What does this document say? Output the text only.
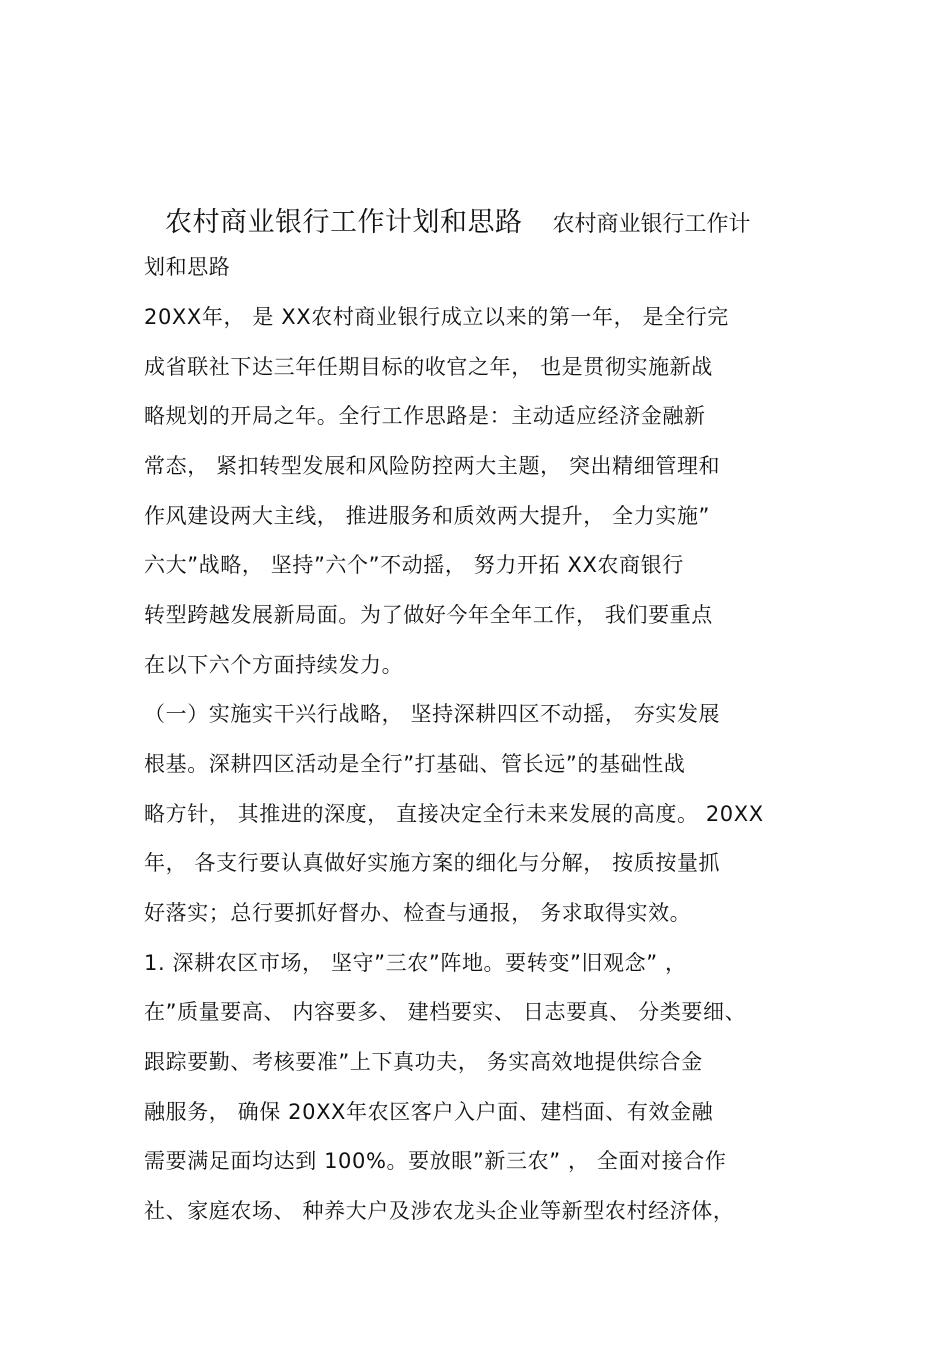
农村商业银行工作计划和思路 农村商业银行工作计
划和思路
20XX年， 是 XX农村商业银行成立以来的第一年， 是全行完
成省联社下达三年任期目标的收官之年， 也是贯彻实施新战
略规划的开局之年。全行工作思路是：主动适应经济金融新
常态， 紧扣转型发展和风险防控两大主题， 突出精细管理和
作风建设两大主线， 推进服务和质效两大提升， 全力实施”
六大”战略， 坚持”六个”不动摇， 努力开拓 XX农商银行
转型跨越发展新局面。为了做好今年全年工作， 我们要重点
在以下六个方面持续发力。
（一）实施实干兴行战略， 坚持深耕四区不动摇， 夯实发展
根基。深耕四区活动是全行”打基础、管长远”的基础性战
略方针， 其推进的深度， 直接决定全行未来发展的高度。 20XX
年， 各支行要认真做好实施方案的细化与分解， 按质按量抓
好落实；总行要抓好督办、检查与通报， 务求取得实效。
1. 深耕农区市场， 坚守”三农”阵地。要转变”旧观念” ，
在”质量要高、 内容要多、 建档要实、 日志要真、 分类要细、
跟踪要勤、考核要准”上下真功夫， 务实高效地提供综合金
融服务， 确保 20XX年农区客户入户面、建档面、有效金融
需要满足面均达到 100%。要放眼”新三农” ， 全面对接合作
社、家庭农场、 种养大户及涉农龙头企业等新型农村经济体，
